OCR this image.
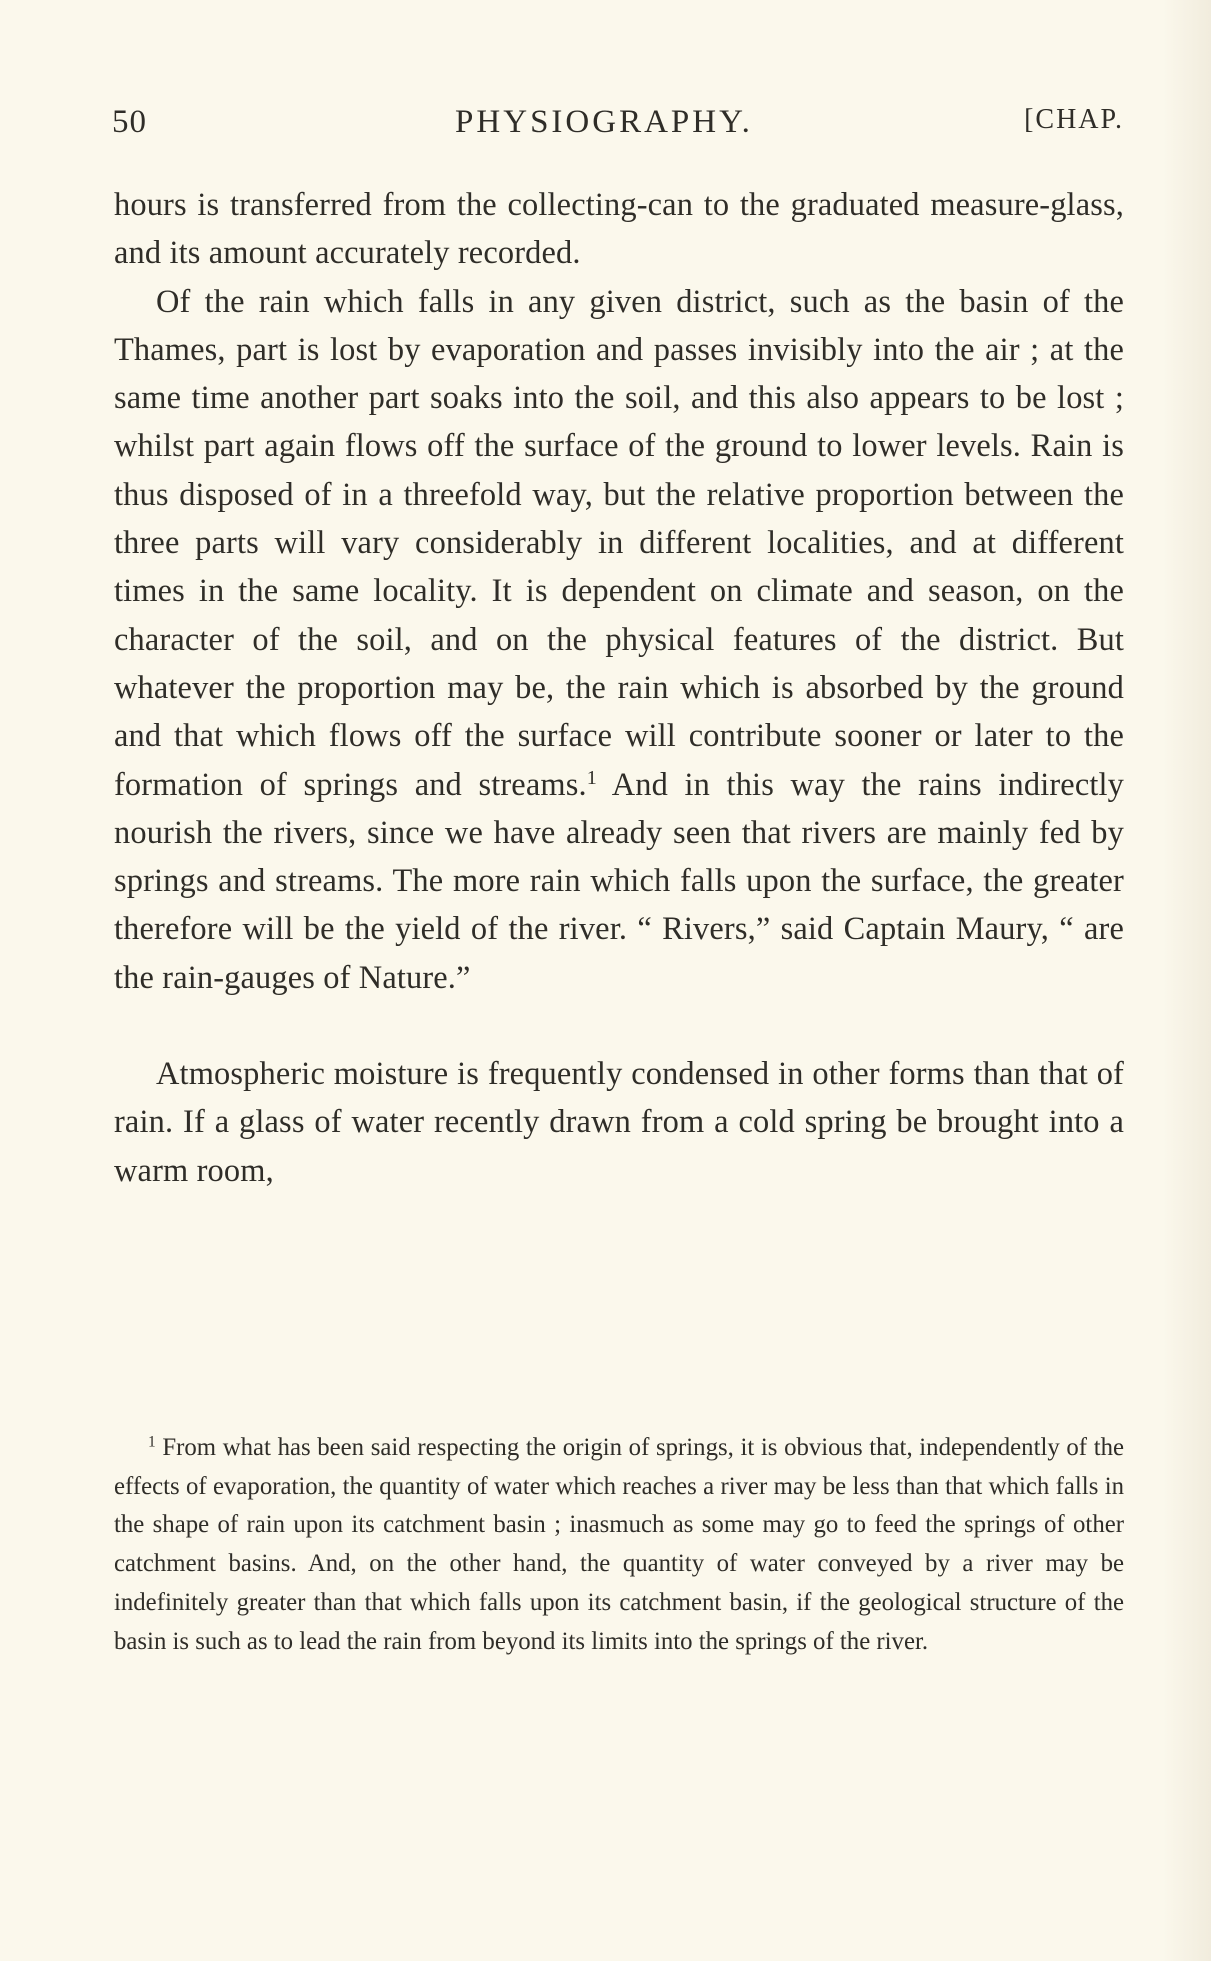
50	PHYSIOGRAPHY.	[CHAP.

hours is transferred from the collecting-can to the graduated measure-glass, and its amount accurately recorded.

Of the rain which falls in any given district, such as the basin of the Thames, part is lost by evaporation and passes invisibly into the air ; at the same time another part soaks into the soil, and this also appears to be lost ; whilst part again flows off the surface of the ground to lower levels. Rain is thus disposed of in a threefold way, but the relative proportion between the three parts will vary considerably in different localities, and at different times in the same locality. It is dependent on climate and season, on the character of the soil, and on the physical features of the district. But whatever the proportion may be, the rain which is absorbed by the ground and that which flows off the surface will contribute sooner or later to the formation of springs and streams.$^1$ And in this way the rains indirectly nourish the rivers, since we have already seen that rivers are mainly fed by springs and streams. The more rain which falls upon the surface, the greater therefore will be the yield of the river. “ Rivers,” said Captain Maury, “ are the rain-gauges of Nature.”

Atmospheric moisture is frequently condensed in other forms than that of rain. If a glass of water recently drawn from a cold spring be brought into a warm room,

$^1$ From what has been said respecting the origin of springs, it is obvious that, independently of the effects of evaporation, the quantity of water which reaches a river may be less than that which falls in the shape of rain upon its catchment basin ; inasmuch as some may go to feed the springs of other catchment basins. And, on the other hand, the quantity of water conveyed by a river may be indefinitely greater than that which falls upon its catchment basin, if the geological structure of the basin is such as to lead the rain from beyond its limits into the springs of the river.
